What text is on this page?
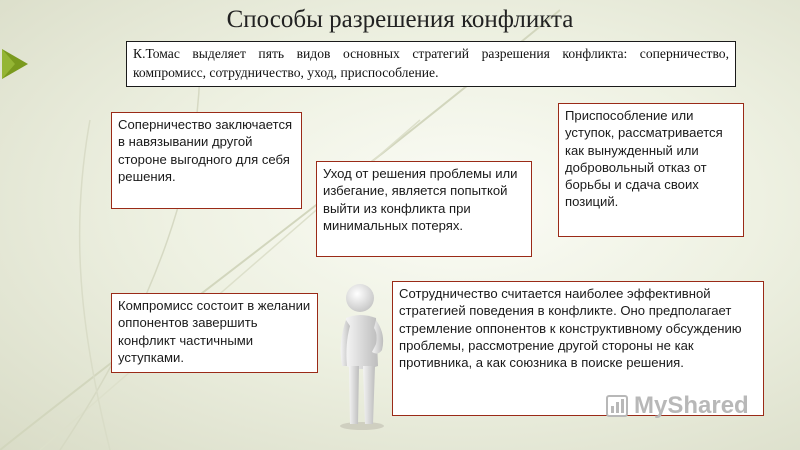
Способы разрешения конфликта
К.Томас выделяет пять видов основных стратегий разрешения конфликта: соперничество, компромисс, сотрудничество, уход, приспособление.
Соперничество заключается в навязывании другой стороне выгодного для себя решения.	Уход от решения проблемы или избегание, является попыткой выйти из конфликта при минимальных потерях.
Приспособление или уступок, рассматривается как вынужденный или добровольный отказ от борьбы и сдача своих позиций.
Компромисс состоит в желании оппонентов завершить конфликт частичными уступками.
Сотрудничество считается наиболее эффективной стратегией поведения в конфликте. Оно предполагает стремление оппонентов к конструктивному обсуждению проблемы, рассмотрение другой стороны не как противника, а как союзника в поиске решения.
MyShared
